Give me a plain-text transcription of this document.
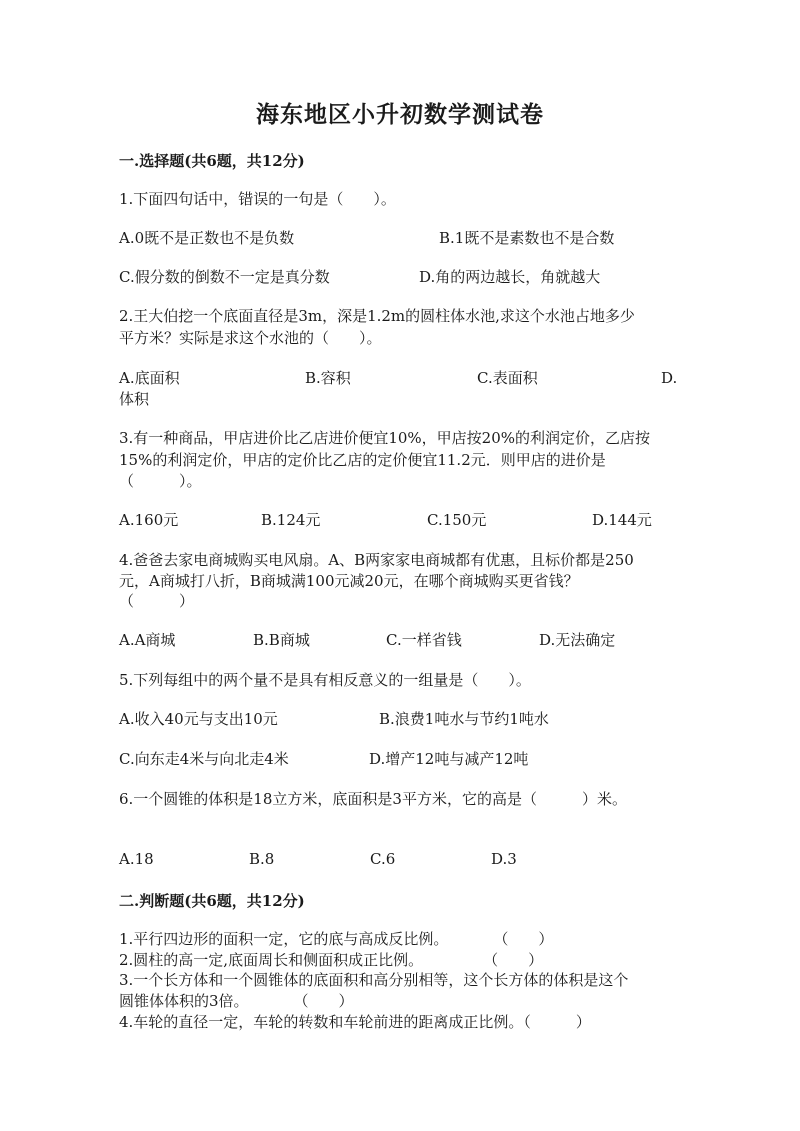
海东地区小升初数学测试卷
一.选择题(共6题，共12分)
1.下面四句话中，错误的一句是（　　）。
A.0既不是正数也不是负数	B.1既不是素数也不是合数
C.假分数的倒数不一定是真分数	D.角的两边越长，角就越大
2.王大伯挖一个底面直径是3m，深是1.2m的圆柱体水池,求这个水池占地多少
平方米？实际是求这个水池的（　　）。
A.底面积	B.容积	C.表面积	D.
体积
3.有一种商品，甲店进价比乙店进价便宜10%，甲店按20%的利润定价，乙店按
15%的利润定价，甲店的定价比乙店的定价便宜11.2元．则甲店的进价是
（　　　）。
A.160元	B.124元	C.150元	D.144元
4.爸爸去家电商城购买电风扇。A、B两家家电商城都有优惠，且标价都是250
元，A商城打八折，B商城满100元减20元，在哪个商城购买更省钱？
（　　　）
A.A商城	B.B商城	C.一样省钱	D.无法确定
5.下列每组中的两个量不是具有相反意义的一组量是（　　）。
A.收入40元与支出10元	B.浪费1吨水与节约1吨水
C.向东走4米与向北走4米	D.增产12吨与减产12吨
6.一个圆锥的体积是18立方米，底面积是3平方米，它的高是（　　　）米。
A.18	B.8	C.6	D.3
二.判断题(共6题，共12分)
1.平行四边形的面积一定，它的底与高成反比例。　　　　（　　）
2.圆柱的高一定,底面周长和侧面积成正比例。　　　　　（　　）
3.一个长方体和一个圆锥体的底面积和高分别相等，这个长方体的体积是这个
圆锥体体积的3倍。　　　　（　　）
4.车轮的直径一定，车轮的转数和车轮前进的距离成正比例。（　　　）
